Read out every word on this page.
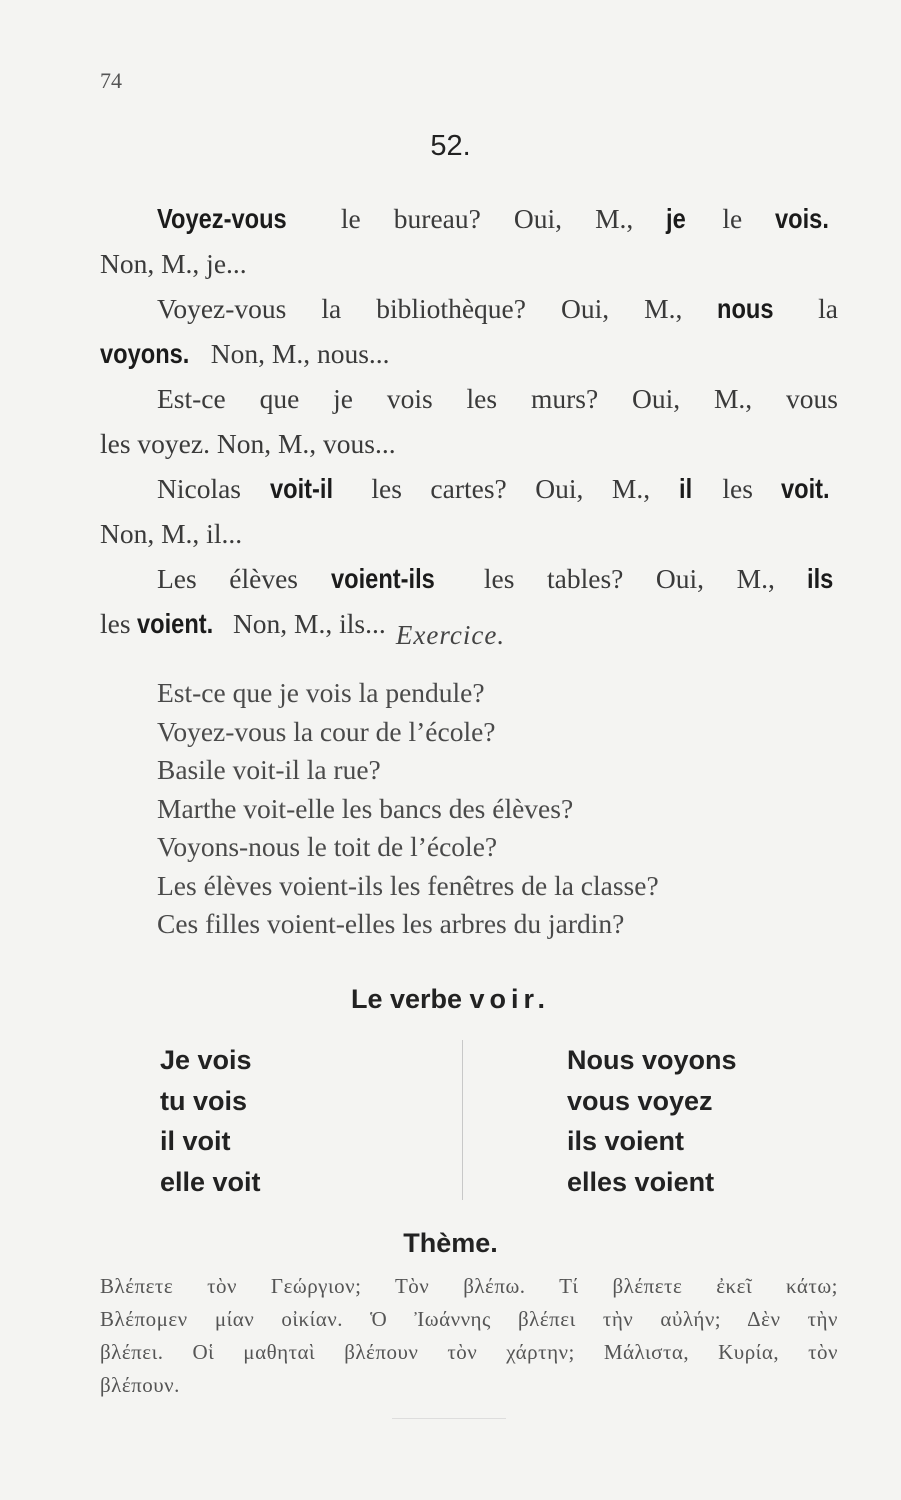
74
52.
Voyez-vous le bureau? Oui, M., je le vois.
Non, M., je...
Voyez-vous la bibliothèque? Oui, M., nous la
voyons. Non, M., nous...
Est-ce que je vois les murs? Oui, M., vous
les voyez. Non, M., vous...
Nicolas voit-il les cartes? Oui, M., il les voit.
Non, M., il...
Les élèves voient-ils les tables? Oui, M., ils
les voient. Non, M., ils... Exercice.
Est-ce que je vois la pendule?
Voyez-vous la cour de l’école?
Basile voit-il la rue?
Marthe voit-elle les bancs des élèves?
Voyons-nous le toit de l’école?
Les élèves voient-ils les fenêtres de la classe?
Ces filles voient-elles les arbres du jardin?
Le verbe voir.
Je vois
tu vois
il voit
elle voit
Nous voyons
vous voyez
ils voient
elles voient
Thème.
Βλέπετε τὸν Γεώργιον; Τὸν βλέπω. Τί βλέπετε ἐκεῖ κάτω;
Βλέπομεν μίαν οἰκίαν. Ὁ Ἰωάννης βλέπει τὴν αὐλήν; Δὲν τὴν
βλέπει. Οἱ μαθηταὶ βλέπουν τὸν χάρτην; Μάλιστα, Κυρία, τὸν
βλέπουν.
